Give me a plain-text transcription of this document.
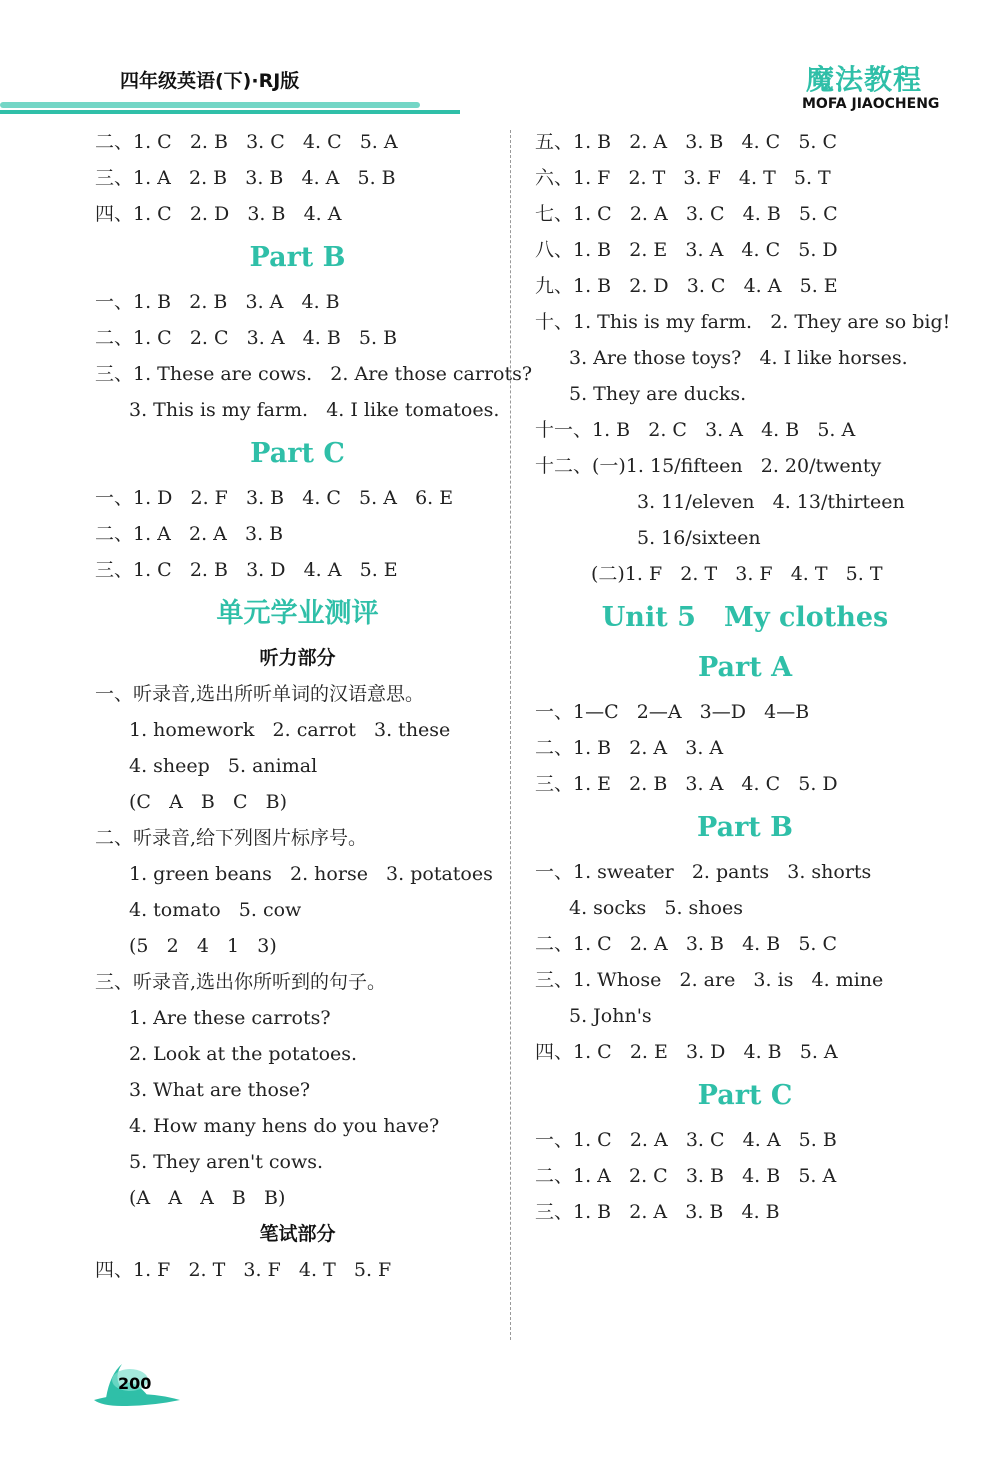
四年级英语(下)·RJ版	魔法教程
MOFA JIAOCHENG
二、1. C   2. B   3. C   4. C   5. A
三、1. A   2. B   3. B   4. A   5. B
四、1. C   2. D   3. B   4. A
Part B
一、1. B   2. B   3. A   4. B
二、1. C   2. C   3. A   4. B   5. B
三、1. These are cows.   2. Are those carrots?
3. This is my farm.   4. I like tomatoes.
Part C
一、1. D   2. F   3. B   4. C   5. A   6. E
二、1. A   2. A   3. B
三、1. C   2. B   3. D   4. A   5. E
单元学业测评
听力部分
一、听录音,选出所听单词的汉语意思。
1. homework   2. carrot   3. these
4. sheep   5. animal
(C   A   B   C   B)
二、听录音,给下列图片标序号。
1. green beans   2. horse   3. potatoes
4. tomato   5. cow
(5   2   4   1   3)
三、听录音,选出你所听到的句子。
1. Are these carrots?
2. Look at the potatoes.
3. What are those?
4. How many hens do you have?
5. They aren't cows.
(A   A   A   B   B)
笔试部分
四、1. F   2. T   3. F   4. T   5. F
五、1. B   2. A   3. B   4. C   5. C
六、1. F   2. T   3. F   4. T   5. T
七、1. C   2. A   3. C   4. B   5. C
八、1. B   2. E   3. A   4. C   5. D
九、1. B   2. D   3. C   4. A   5. E
十、1. This is my farm.   2. They are so big!
3. Are those toys?   4. I like horses.
5. They are ducks.
十一、1. B   2. C   3. A   4. B   5. A
十二、(一)1. 15/fifteen   2. 20/twenty
3. 11/eleven   4. 13/thirteen
5. 16/sixteen
(二)1. F   2. T   3. F   4. T   5. T
Unit 5   My clothes
Part A
一、1—C   2—A   3—D   4—B
二、1. B   2. A   3. A
三、1. E   2. B   3. A   4. C   5. D
Part B
一、1. sweater   2. pants   3. shorts
4. socks   5. shoes
二、1. C   2. A   3. B   4. B   5. C
三、1. Whose   2. are   3. is   4. mine
5. John's
四、1. C   2. E   3. D   4. B   5. A
Part C
一、1. C   2. A   3. C   4. A   5. B
二、1. A   2. C   3. B   4. B   5. A
三、1. B   2. A   3. B   4. B
200
